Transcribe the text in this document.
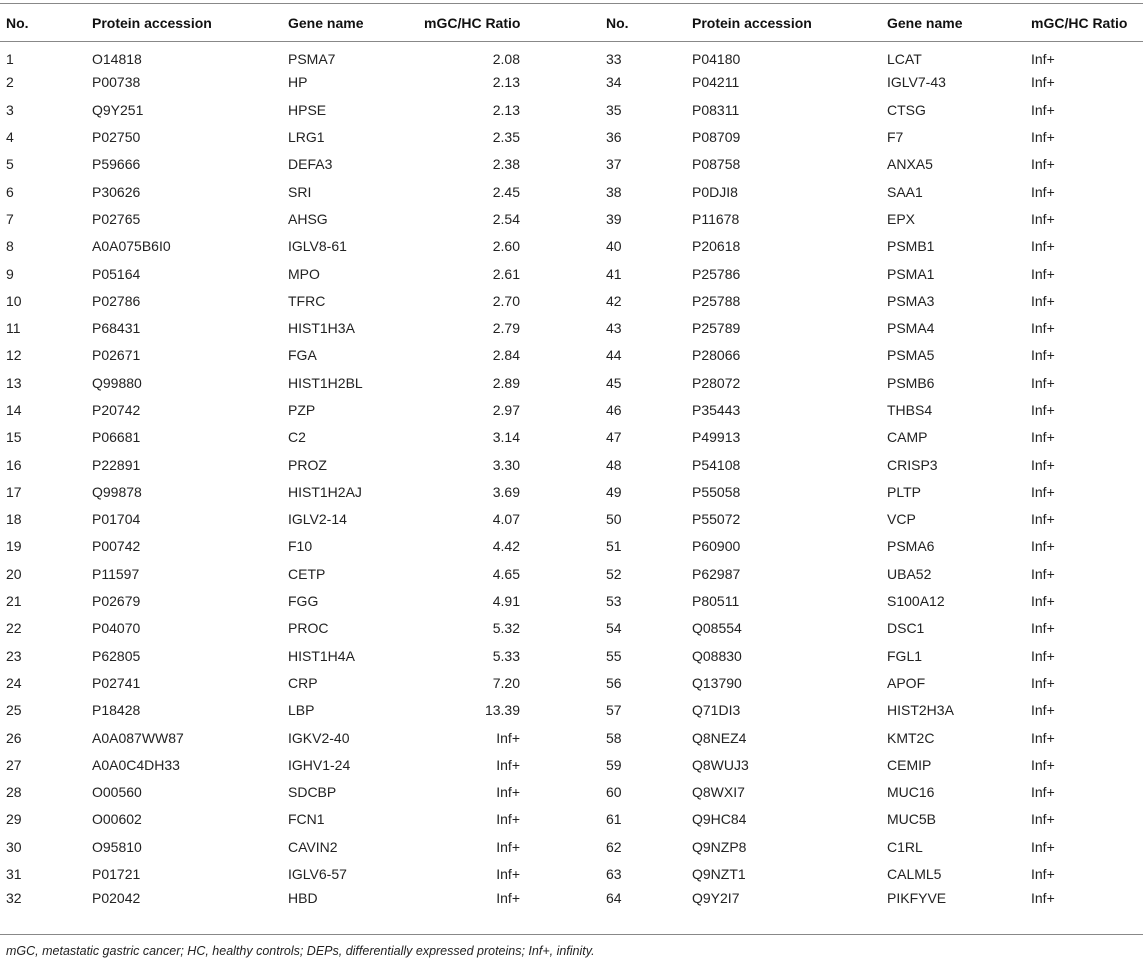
No.	Protein accession	Gene name	mGC/HC Ratio	No.	Protein accession	Gene name	mGC/HC Ratio
1	O14818	PSMA7	2.08	33	P04180	LCAT	Inf+
2	P00738	HP	2.13	34	P04211	IGLV7-43	Inf+
3	Q9Y251	HPSE	2.13	35	P08311	CTSG	Inf+
4	P02750	LRG1	2.35	36	P08709	F7	Inf+
5	P59666	DEFA3	2.38	37	P08758	ANXA5	Inf+
6	P30626	SRI	2.45	38	P0DJI8	SAA1	Inf+
7	P02765	AHSG	2.54	39	P11678	EPX	Inf+
8	A0A075B6I0	IGLV8-61	2.60	40	P20618	PSMB1	Inf+
9	P05164	MPO	2.61	41	P25786	PSMA1	Inf+
10	P02786	TFRC	2.70	42	P25788	PSMA3	Inf+
11	P68431	HIST1H3A	2.79	43	P25789	PSMA4	Inf+
12	P02671	FGA	2.84	44	P28066	PSMA5	Inf+
13	Q99880	HIST1H2BL	2.89	45	P28072	PSMB6	Inf+
14	P20742	PZP	2.97	46	P35443	THBS4	Inf+
15	P06681	C2	3.14	47	P49913	CAMP	Inf+
16	P22891	PROZ	3.30	48	P54108	CRISP3	Inf+
17	Q99878	HIST1H2AJ	3.69	49	P55058	PLTP	Inf+
18	P01704	IGLV2-14	4.07	50	P55072	VCP	Inf+
19	P00742	F10	4.42	51	P60900	PSMA6	Inf+
20	P11597	CETP	4.65	52	P62987	UBA52	Inf+
21	P02679	FGG	4.91	53	P80511	S100A12	Inf+
22	P04070	PROC	5.32	54	Q08554	DSC1	Inf+
23	P62805	HIST1H4A	5.33	55	Q08830	FGL1	Inf+
24	P02741	CRP	7.20	56	Q13790	APOF	Inf+
25	P18428	LBP	13.39	57	Q71DI3	HIST2H3A	Inf+
26	A0A087WW87	IGKV2-40	Inf+	58	Q8NEZ4	KMT2C	Inf+
27	A0A0C4DH33	IGHV1-24	Inf+	59	Q8WUJ3	CEMIP	Inf+
28	O00560	SDCBP	Inf+	60	Q8WXI7	MUC16	Inf+
29	O00602	FCN1	Inf+	61	Q9HC84	MUC5B	Inf+
30	O95810	CAVIN2	Inf+	62	Q9NZP8	C1RL	Inf+
31	P01721	IGLV6-57	Inf+	63	Q9NZT1	CALML5	Inf+
32	P02042	HBD	Inf+	64	Q9Y2I7	PIKFYVE	Inf+
mGC, metastatic gastric cancer; HC, healthy controls; DEPs, differentially expressed proteins; Inf+, infinity.
